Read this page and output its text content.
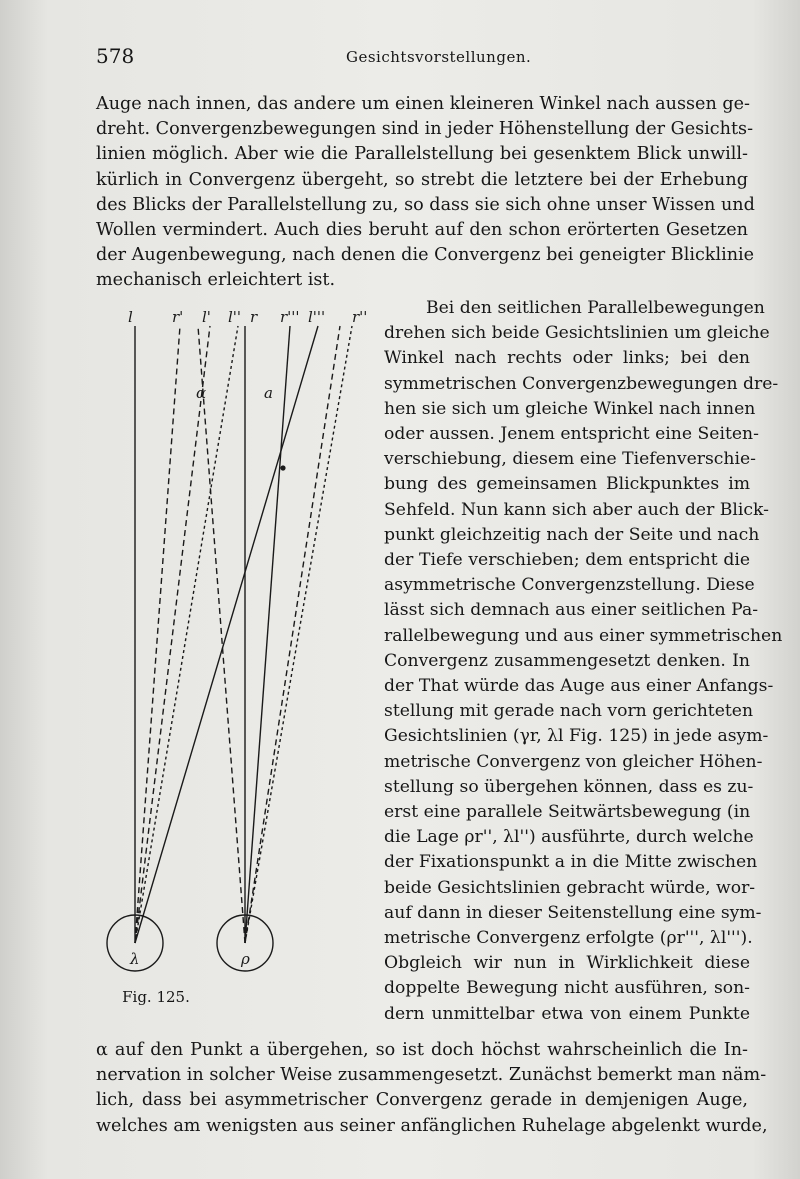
578	Gesichtsvorstellungen.
Auge nach innen, das andere um einen kleineren Winkel nach aussen ge-
dreht. Convergenzbewegungen sind in jeder Höhenstellung der Gesichts-
linien möglich. Aber wie die Parallelstellung bei gesenktem Blick unwill-
kürlich in Convergenz übergeht, so strebt die letztere bei der Erhebung
des Blicks der Parallelstellung zu, so dass sie sich ohne unser Wissen und
Wollen vermindert. Auch dies beruht auf den schon erörterten Gesetzen
der Augenbewegung, nach denen die Convergenz bei geneigter Blicklinie
mechanisch erleichtert ist.
l	r' l' l'' r r''' l''' r''
α	a
λ	ρ
Fig. 125.
Bei den seitlichen Parallelbewegungen
drehen sich beide Gesichtslinien um gleiche
Winkel nach rechts oder links; bei den
symmetrischen Convergenzbewegungen dre-
hen sie sich um gleiche Winkel nach innen
oder aussen. Jenem entspricht eine Seiten-
verschiebung, diesem eine Tiefenverschie-
bung des gemeinsamen Blickpunktes im
Sehfeld. Nun kann sich aber auch der Blick-
punkt gleichzeitig nach der Seite und nach
der Tiefe verschieben; dem entspricht die
asymmetrische Convergenzstellung. Diese
lässt sich demnach aus einer seitlichen Pa-
rallelbewegung und aus einer symmetrischen
Convergenz zusammengesetzt denken. In
der That würde das Auge aus einer Anfangs-
stellung mit gerade nach vorn gerichteten
Gesichtslinien (γr, λl Fig. 125) in jede asym-
metrische Convergenz von gleicher Höhen-
stellung so übergehen können, dass es zu-
erst eine parallele Seitwärtsbewegung (in
die Lage ρr'', λl'') ausführte, durch welche
der Fixationspunkt a in die Mitte zwischen
beide Gesichtslinien gebracht würde, wor-
auf dann in dieser Seitenstellung eine sym-
metrische Convergenz erfolgte (ρr''', λl''').
Obgleich wir nun in Wirklichkeit diese
doppelte Bewegung nicht ausführen, son-
dern unmittelbar etwa von einem Punkte
α auf den Punkt a übergehen, so ist doch höchst wahrscheinlich die In-
nervation in solcher Weise zusammengesetzt. Zunächst bemerkt man näm-
lich, dass bei asymmetrischer Convergenz gerade in demjenigen Auge,
welches am wenigsten aus seiner anfänglichen Ruhelage abgelenkt wurde,
